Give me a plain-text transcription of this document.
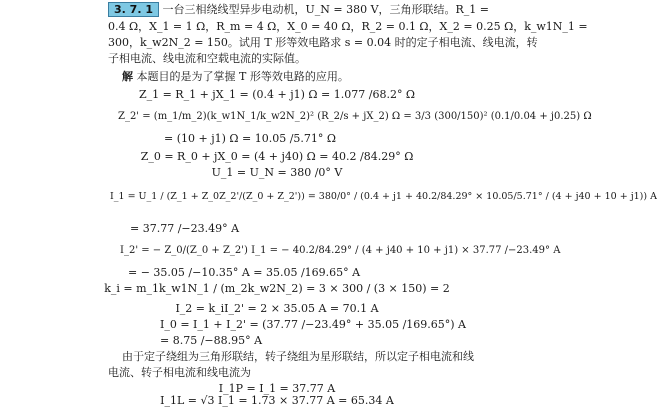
3. 7. 1 一台三相绕线型异步电动机，U_N = 380 V，三角形联结。R_1 =
0.4 Ω，X_1 = 1 Ω，R_m = 4 Ω，X_0 = 40 Ω，R_2 = 0.1 Ω，X_2 = 0.25 Ω，k_w1N_1 =
300，k_w2N_2 = 150。试用 T 形等效电路求 s = 0.04 时的定子相电流、线电流，转
子相电流、线电流和空载电流的实际值。
解 本题目的是为了掌握 T 形等效电路的应用。
Z_1 = R_1 + jX_1 = (0.4 + j1) Ω = 1.077 /68.2° Ω
Z_2' = (m_1/m_2)(k_w1N_1/k_w2N_2)² (R_2/s + jX_2) Ω = 3/3 (300/150)² (0.1/0.04 + j0.25) Ω
= (10 + j1) Ω = 10.05 /5.71° Ω
Z_0 = R_0 + jX_0 = (4 + j40) Ω = 40.2 /84.29° Ω
U_1 = U_N = 380 /0° V
I_1 = U_1 / (Z_1 + Z_0Z_2'/(Z_0 + Z_2')) = 380/0° / (0.4 + j1 + 40.2/84.29° × 10.05/5.71° / (4 + j40 + 10 + j1)) A
= 37.77 /−23.49° A
I_2' = − Z_0/(Z_0 + Z_2') I_1 = − 40.2/84.29° / (4 + j40 + 10 + j1) × 37.77 /−23.49° A
= − 35.05 /−10.35° A = 35.05 /169.65° A
k_i = m_1k_w1N_1 / (m_2k_w2N_2) = 3 × 300 / (3 × 150) = 2
I_2 = k_iI_2' = 2 × 35.05 A = 70.1 A
I_0 = I_1 + I_2' = (37.77 /−23.49° + 35.05 /169.65°) A
= 8.75 /−88.95° A
由于定子绕组为三角形联结，转子绕组为星形联结，所以定子相电流和线
电流、转子相电流和线电流为
I_1P = I_1 = 37.77 A
I_1L = √3 I_1 = 1.73 × 37.77 A = 65.34 A
